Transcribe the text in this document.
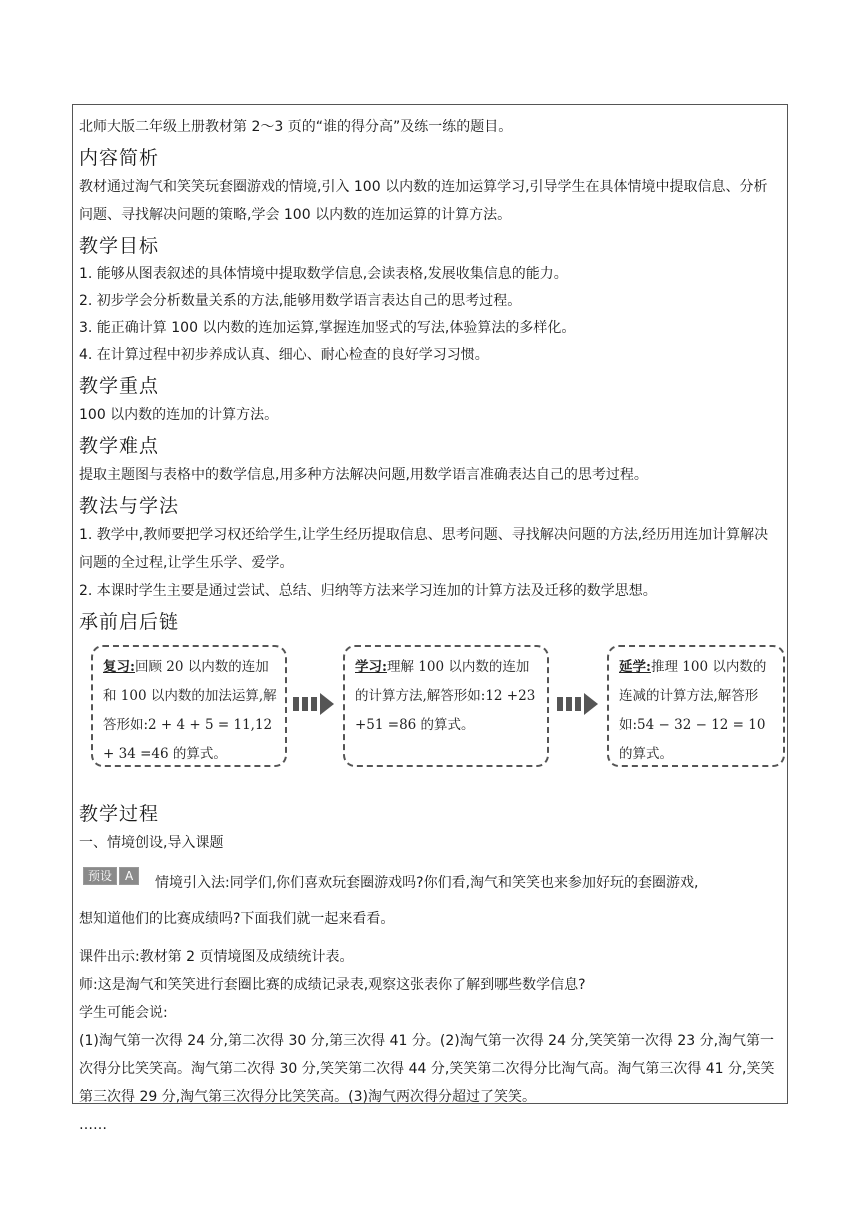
北师大版二年级上册教材第 2～3 页的“谁的得分高”及练一练的题目。

内容简析

教材通过淘气和笑笑玩套圈游戏的情境,引入 100 以内数的连加运算学习,引导学生在具体情境中提取信息、分析问题、寻找解决问题的策略,学会 100 以内数的连加运算的计算方法。

教学目标

1. 能够从图表叙述的具体情境中提取数学信息,会读表格,发展收集信息的能力。

2. 初步学会分析数量关系的方法,能够用数学语言表达自己的思考过程。

3. 能正确计算 100 以内数的连加运算,掌握连加竖式的写法,体验算法的多样化。

4. 在计算过程中初步养成认真、细心、耐心检查的良好学习习惯。

教学重点

100 以内数的连加的计算方法。

教学难点

提取主题图与表格中的数学信息,用多种方法解决问题,用数学语言准确表达自己的思考过程。

教法与学法

1. 教学中,教师要把学习权还给学生,让学生经历提取信息、思考问题、寻找解决问题的方法,经历用连加计算解决问题的全过程,让学生乐学、爱学。

2. 本课时学生主要是通过尝试、总结、归纳等方法来学习连加的计算方法及迁移的数学思想。

承前启后链
复习:回顾 20 以内数的连加和 100 以内数的加法运算,解答形如:2 + 4 + 5 = 11,12 + 34 =46 的算式。
学习:理解 100 以内数的连加的计算方法,解答形如:12 +23 +51 =86 的算式。
延学:推理 100 以内数的连减的计算方法,解答形如:54 − 32 − 12 = 10 的算式。
教学过程

一、情境创设,导入课题

预设 A	情境引入法:同学们,你们喜欢玩套圈游戏吗?你们看,淘气和笑笑也来参加好玩的套圈游戏,

想知道他们的比赛成绩吗?下面我们就一起来看看。

课件出示:教材第 2 页情境图及成绩统计表。

师:这是淘气和笑笑进行套圈比赛的成绩记录表,观察这张表你了解到哪些数学信息?

学生可能会说:

(1)淘气第一次得 24 分,第二次得 30 分,第三次得 41 分。(2)淘气第一次得 24 分,笑笑第一次得 23 分,淘气第一次得分比笑笑高。淘气第二次得 30 分,笑笑第二次得 44 分,笑笑第二次得分比淘气高。淘气第三次得 41 分,笑笑第三次得 29 分,淘气第三次得分比笑笑高。(3)淘气两次得分超过了笑笑。

……
